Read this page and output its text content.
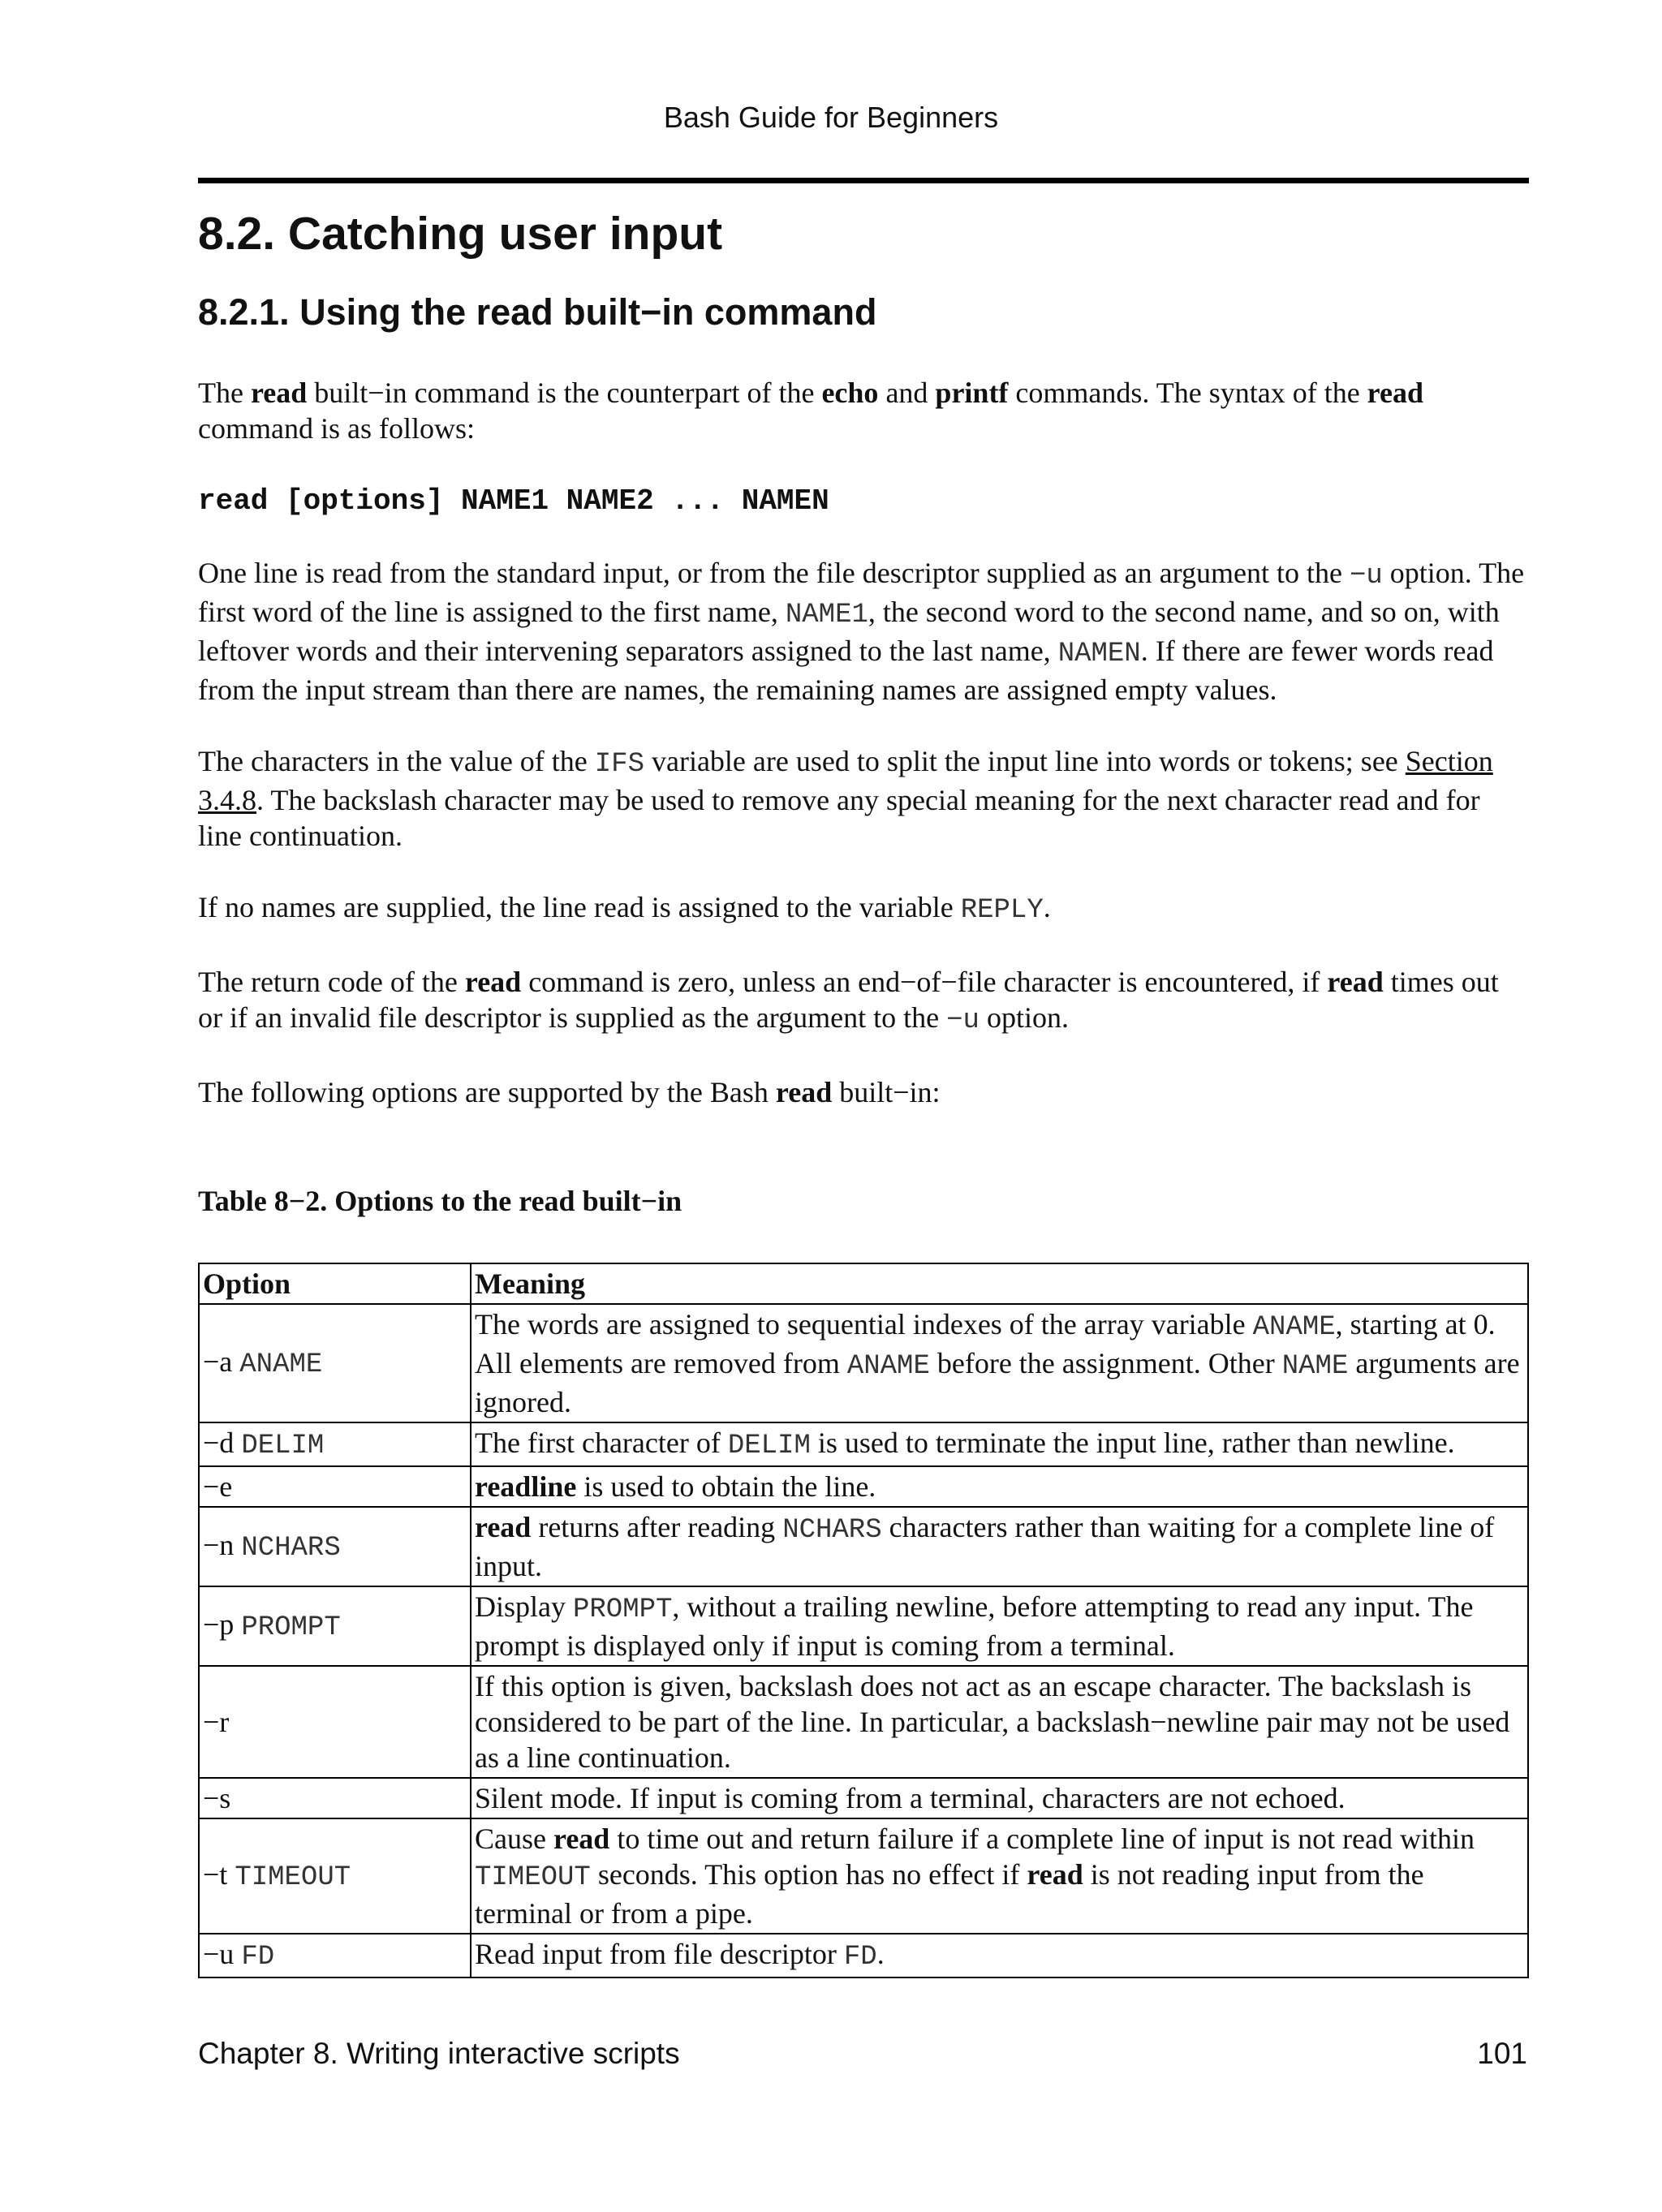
Bash Guide for Beginners
8.2. Catching user input
8.2.1. Using the read built−in command

The read built−in command is the counterpart of the echo and printf commands. The syntax of the read command is as follows:

read [options] NAME1 NAME2 ... NAMEN

One line is read from the standard input, or from the file descriptor supplied as an argument to the −u option. The first word of the line is assigned to the first name, NAME1, the second word to the second name, and so on, with leftover words and their intervening separators assigned to the last name, NAMEN. If there are fewer words read from the input stream than there are names, the remaining names are assigned empty values.

The characters in the value of the IFS variable are used to split the input line into words or tokens; see Section 3.4.8. The backslash character may be used to remove any special meaning for the next character read and for line continuation.

If no names are supplied, the line read is assigned to the variable REPLY.

The return code of the read command is zero, unless an end−of−file character is encountered, if read times out or if an invalid file descriptor is supplied as the argument to the −u option.

The following options are supported by the Bash read built−in:

Table 8−2. Options to the read built−in
Option	Meaning
−a ANAME	The words are assigned to sequential indexes of the array variable ANAME, starting at 0. All elements are removed from ANAME before the assignment. Other NAME arguments are ignored.
−d DELIM	The first character of DELIM is used to terminate the input line, rather than newline.
−e	readline is used to obtain the line.
−n NCHARS	read returns after reading NCHARS characters rather than waiting for a complete line of input.
−p PROMPT	Display PROMPT, without a trailing newline, before attempting to read any input. The prompt is displayed only if input is coming from a terminal.
−r	If this option is given, backslash does not act as an escape character. The backslash is considered to be part of the line. In particular, a backslash−newline pair may not be used as a line continuation.
−s	Silent mode. If input is coming from a terminal, characters are not echoed.
−t TIMEOUT	Cause read to time out and return failure if a complete line of input is not read within TIMEOUT seconds. This option has no effect if read is not reading input from the terminal or from a pipe.
−u FD	Read input from file descriptor FD.
Chapter 8. Writing interactive scripts	101
